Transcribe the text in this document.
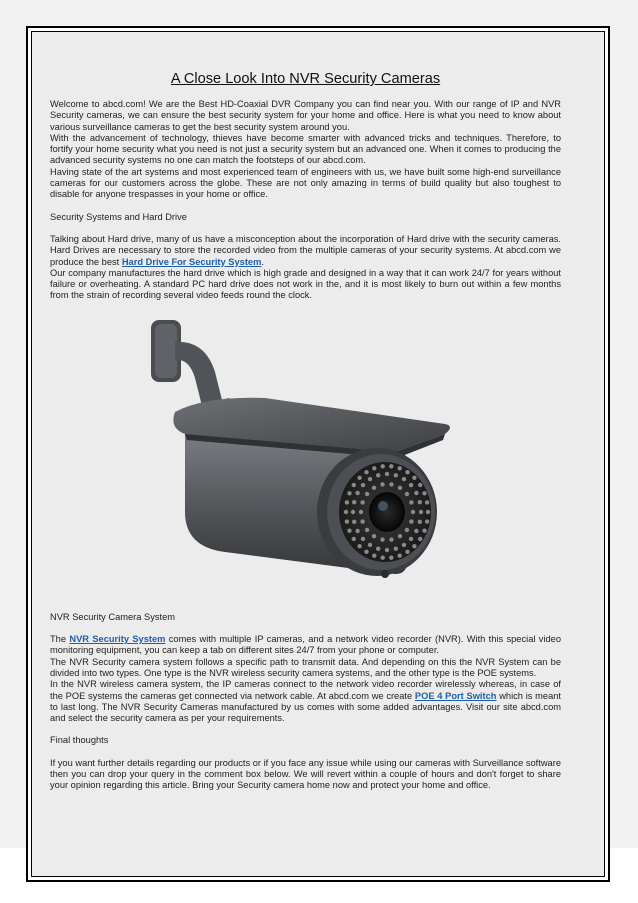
A Close Look Into NVR Security Cameras

Welcome to abcd.com! We are the Best HD-Coaxial DVR Company you can find near you. With our range of IP and NVR Security cameras, we can ensure the best security system for your home and office. Here is what you need to know about various surveillance cameras to get the best security system around you.

With the advancement of technology, thieves have become smarter with advanced tricks and techniques. Therefore, to fortify your home security what you need is not just a security system but an advanced one. When it comes to producing the advanced security systems no one can match the footsteps of our abcd.com.

Having state of the art systems and most experienced team of engineers with us, we have built some high-end surveillance cameras for our customers across the globe. These are not only amazing in terms of build quality but also toughest to disable for anyone trespasses in your home or office.

Security Systems and Hard Drive

Talking about Hard drive, many of us have a misconception about the incorporation of Hard drive with the security cameras. Hard Drives are necessary to store the recorded video from the multiple cameras of your security systems. At abcd.com we produce the best Hard Drive For Security System.

Our company manufactures the hard drive which is high grade and designed in a way that it can work 24/7 for years without failure or overheating. A standard PC hard drive does not work in the, and it is most likely to burn out within a few months from the strain of recording several video feeds round the clock.

NVR Security Camera System

The NVR Security System comes with multiple IP cameras, and a network video recorder (NVR). With this special video monitoring equipment, you can keep a tab on different sites 24/7 from your phone or computer.

The NVR Security camera system follows a specific path to transmit data. And depending on this the NVR System can be divided into two types. One type is the NVR wireless security camera systems, and the other type is the POE systems.

In the NVR wireless camera system, the IP cameras connect to the network video recorder wirelessly whereas, in case of the POE systems the cameras get connected via network cable. At abcd.com we create POE 4 Port Switch which is meant to last long. The NVR Security Cameras manufactured by us comes with some added advantages. Visit our site abcd.com and select the security camera as per your requirements.

Final thoughts

If you want further details regarding our products or if you face any issue while using our cameras with Surveillance software then you can drop your query in the comment box below. We will revert within a couple of hours and don't forget to share your opinion regarding this article. Bring your Security camera home now and protect your home and office.
